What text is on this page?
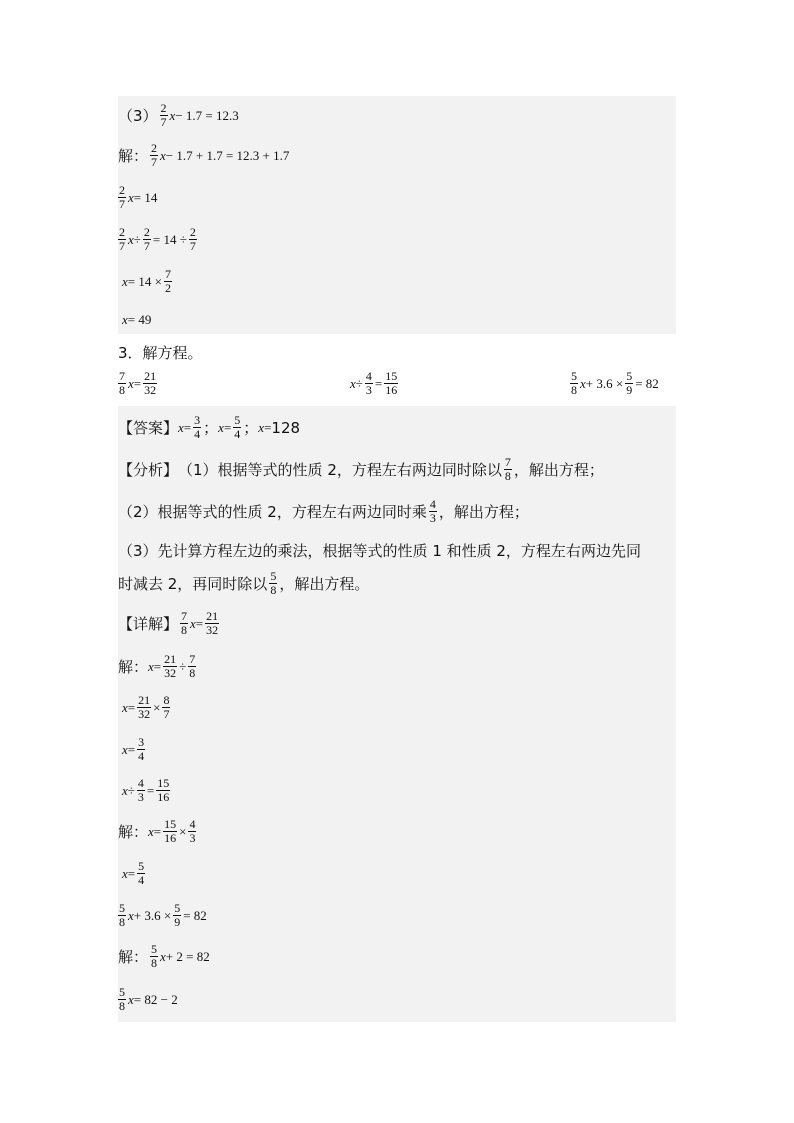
$(3) \frac{2}{7}$ x − 1.7 = 12.3
解： $\frac{2}{7}$ x − 1.7 + 1.7 = 12.3 + 1.7
$\frac{2}{7}$ x = 14
$\frac{2}{7}$ $x \div \frac{2}{7} = 14 \div \frac{2}{7}$
$x = 14 \times \frac{7}{2}$
x = 49
3．解方程。
$\frac{7}{8}$ $x = \frac{21}{32}$	$x \div \frac{4}{3} = \frac{15}{16}$	$\frac{5}{8}$ $x + 3.6 \times \frac{5}{9} = 82$
【答案】 $x = \frac{3}{4}$ ； $x = \frac{5}{4}$ ； x = 128
【分析】 （1）根据等式的性质 2，方程左右两边同时除以 $\frac{7}{8}$ ，解出方程；
（2）根据等式的性质 2，方程左右两边同时乘 $\frac{4}{3}$ ，解出方程；
（3）先计算方程左边的乘法，根据等式的性质 1 和性质 2，方程左右两边先同
时减去 2，再同时除以 $\frac{5}{8}$ ，解出方程。
【详解】 $\frac{7}{8}$ $x = \frac{21}{32}$
解： $x = \frac{21}{32} \div \frac{7}{8}$
$x = \frac{21}{32} \times \frac{8}{7}$
$x = \frac{3}{4}$
$x \div \frac{4}{3} = \frac{15}{16}$
解： $x = \frac{15}{16} \times \frac{4}{3}$
$x = \frac{5}{4}$
$\frac{5}{8}$ $x + 3.6 \times \frac{5}{9} = 82$
解： $\frac{5}{8}$ x + 2 = 82
$\frac{5}{8}$ x = 82 − 2
